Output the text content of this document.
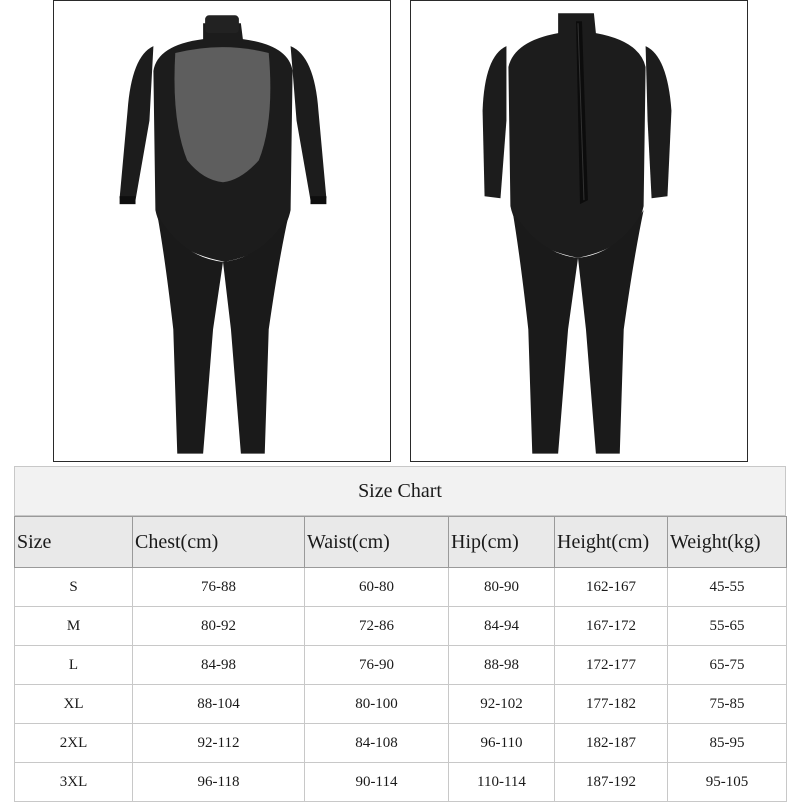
Size Chart
Size	Chest(cm)	Waist(cm)	Hip(cm)	Height(cm)	Weight(kg)
S	76-88	60-80	80-90	162-167	45-55
M	80-92	72-86	84-94	167-172	55-65
L	84-98	76-90	88-98	172-177	65-75
XL	88-104	80-100	92-102	177-182	75-85
2XL	92-112	84-108	96-110	182-187	85-95
3XL	96-118	90-114	110-114	187-192	95-105
